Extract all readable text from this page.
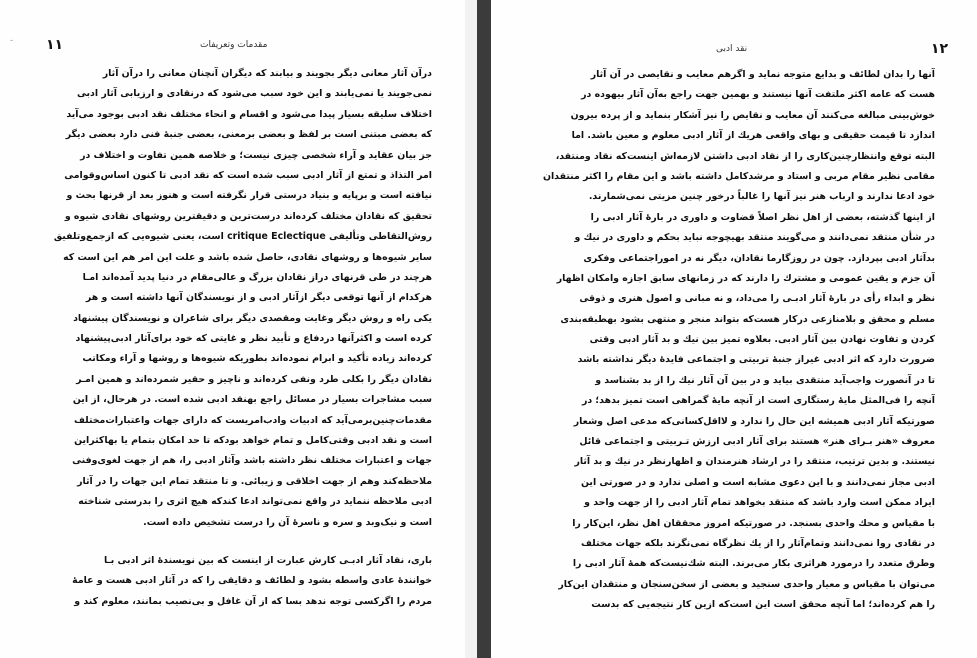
١١	مقدمات وتعریفات
-
درآن آثار معانی دیگر بجویند و بیابند که دیگران آنچنان معانی را درآن آثار
نمی‌جویند یا نمی‌یابند و این خود سبب می‌شود که درنقادی و ارزیابی آثار ادبی
اختلاف سلیقه بسیار پیدا می‌شود و اقسام و انحاء مختلف نقد ادبی بوجود می‌آید
که بعضی مبتنی است بر لفظ و بعضی برمعنی، بعضی جنبهٔ فنی دارد بعضی دیگر
جز بیان عقاید و آراء شخصی چیزی نیست؛ و خلاصه همین تفاوت و اختلاف در
امر التذاذ و تمتع از آثار ادبی سبب شده است که نقد ادبی تا کنون اساس‌وقوامی
نیافته است و برپایه و بنیاد درستی قرار نگرفته است و هنوز بعد از قرنها بحث و
تحقیق که نقادان مختلف کرده‌اند درست‌ترین و دقیقترین روشهای نقادی شیوه و
روش‌التقاطی وتألیفی critique Eclectique است، یعنی شیوه‌یی که ازجمع‌وتلفیق
سایر شیوه‌ها و روشهای نقادی، حاصل شده باشد و علت این امر هم این است که
هرچند در طی قرنهای دراز نقادان بزرگ و عالی‌مقام در دنیا پدید آمده‌اند امـا
هرکدام از آنها توقعی دیگر ازآثار ادبی و از نویسندگان آنها داشته است و هر
یکی راه و روش دیگر وغایت ومقصدی دیگر برای شاعران و نویسندگان پیشنهاد
کرده است و اکثرآنها دردفاع و تأیید نظر و غایتی که خود برای‌آثار ادبی‌پیشنهاد
کرده‌اند زیاده تأکید و ابرام نموده‌اند بطوریکه شیوه‌ها و روشها و آراء ومکاتب
نقادان دیگر را بکلی طرد ونفی کرده‌اند و ناچیز و حقیر شمرده‌اند و همین امـر
سبب مشاجرات بسیار در مسائل راجع بهنقد ادبی شده است. در هرحال، از این
مقدمات‌چنین‌برمی‌آید که ادبیات وادب‌امریست که دارای جهات واعتبارات‌مختلف
است و نقد ادبی وقتی‌کامل و تمام خواهد بودکه تا حد امکان بتمام یا بهاکثراین
جهات و اعتبارات مختلف نظر داشته باشد وآثار ادبی را، هم از جهت لغوی‌وفنی
ملاحظه‌کند وهم از جهت اخلاقی و زیبائی. و تا منتقد تمام این جهات را در آثار
ادبی ملاحظه ننماید در واقع نمی‌تواند ادعا کندکه هیچ اثری را بدرستی شناخته
است و نیک‌وبد و سره و ناسرهٔ آن را درست تشخیص داده است.
باری، نقاد آثار ادبـی کارش عبارت از اینست که بین نویسندهٔ اثر ادبی بـا
خوانندهٔ عادی واسطه بشود و لطائف و دقایقی را که در آثار ادبی هست و عامهٔ
مردم را اگرکسی توجه ندهد بسا که از آن غافل و بی‌نصیب بمانند، معلوم کند و
١٢
نقد ادبی
آنها را بدان لطائف و بدایع متوجه نماید و اگرهم معایب و نقایصی در آن آثار
هست که عامه اکثر ملتفت آنها نیستند و بهمین جهت راجع به‌آن آثار بیهوده در
خوش‌بینی مبالغه می‌کنند آن معایب و نقایص را نیز آشکار بنماید و از پرده بیرون
اندازد تا قیمت حقیقی و بهای واقعی هریك از آثار ادبی معلوم و معین باشد. اما
البته توقع وانتظارچنین‌کاری را از نقاد ادبی داشتن لازمه‌اش اینست‌که نقاد ومنتقد،
مقامی نظیر مقام مربی و استاد و مرشدکامل داشته باشد و این مقام را اکثر منتقدان
خود ادعا ندارند و ارباب هنر نیز آنها را غالباً درخور چنین مزیتی نمی‌شمارند.
از اینها گذشته، بعضی از اهل نظر اصلاً قضاوت و داوری در بارهٔ آثار ادبی را
در شأن منتقد نمی‌دانند و می‌گویند منتقد بهیچوجه نباید بحکم و داوری در نیك و
بدآثار ادبی بپردازد. چون در روزگارما نقادان، دیگر نه در اموراجتماعی وفکری
آن جزم و یقین عمومی و مشترك را دارند که در زمانهای سابق اجازه وامکان اظهار
نظر و ابداء رأی در بارهٔ آثار ادبـی را می‌داد، و نه مبانی و اصول هنری و ذوقی
مسلم و محقق و بلامنازعی درکار هست‌که بتواند منجر و منتهی بشود بهطبقه‌بندی
کردن و تفاوت نهادن بین آثار ادبی. بعلاوه تمیز بین نیك و بد آثار ادبی وقتی
ضرورت دارد که اثر ادبی غیراز جنبهٔ تربیتی و اجتماعی فایدهٔ دیگر نداشته باشد
تا در آنصورت واجب‌آید منتقدی بیاید و در بین آن آثار نیك را از بد بشناسد و
آنچه را فی‌المثل مایهٔ رستگاری است از آنچه مایهٔ گمراهی است تمیز بدهد؛ در
صورتیکه آثار ادبی همیشه این حال را ندارد و لااقل‌کسانی‌که مدعی اصل وشعار
معروف «هنر بـرای هنر» هستند برای آثار ادبی ارزش تـربیتی و اجتماعی قائل
نیستند. و بدین ترتیب، منتقد را در ارشاد هنرمندان و اظهارنظر در نیك و بد آثار
ادبی مجاز نمی‌دانند و با این دعوی مشابه است و اصلی ندارد و در صورتی این
ایراد ممکن است وارد باشد که منتقد بخواهد تمام آثار ادبی را از جهت واحد و
با مقیاس و محك واحدی بسنجد. در صورتیکه امروز محققان اهل نظر، این‌کار را
در نقادی روا نمی‌دانند وتمام‌آثار را از یك نظرگاه نمی‌نگرند بلکه جهات مختلف
وطرق متعدد را درمورد هراثری بکار می‌برند. البته شك‌نیست‌که همهٔ آثار ادبی را
می‌توان با مقیاس و معیار واحدی سنجید و بعضی از سخن‌سنجان و منتقدان این‌کار
را هم کرده‌اند؛ اما آنچه محقق است این است‌که ازین کار نتیجه‌یی که بدست
